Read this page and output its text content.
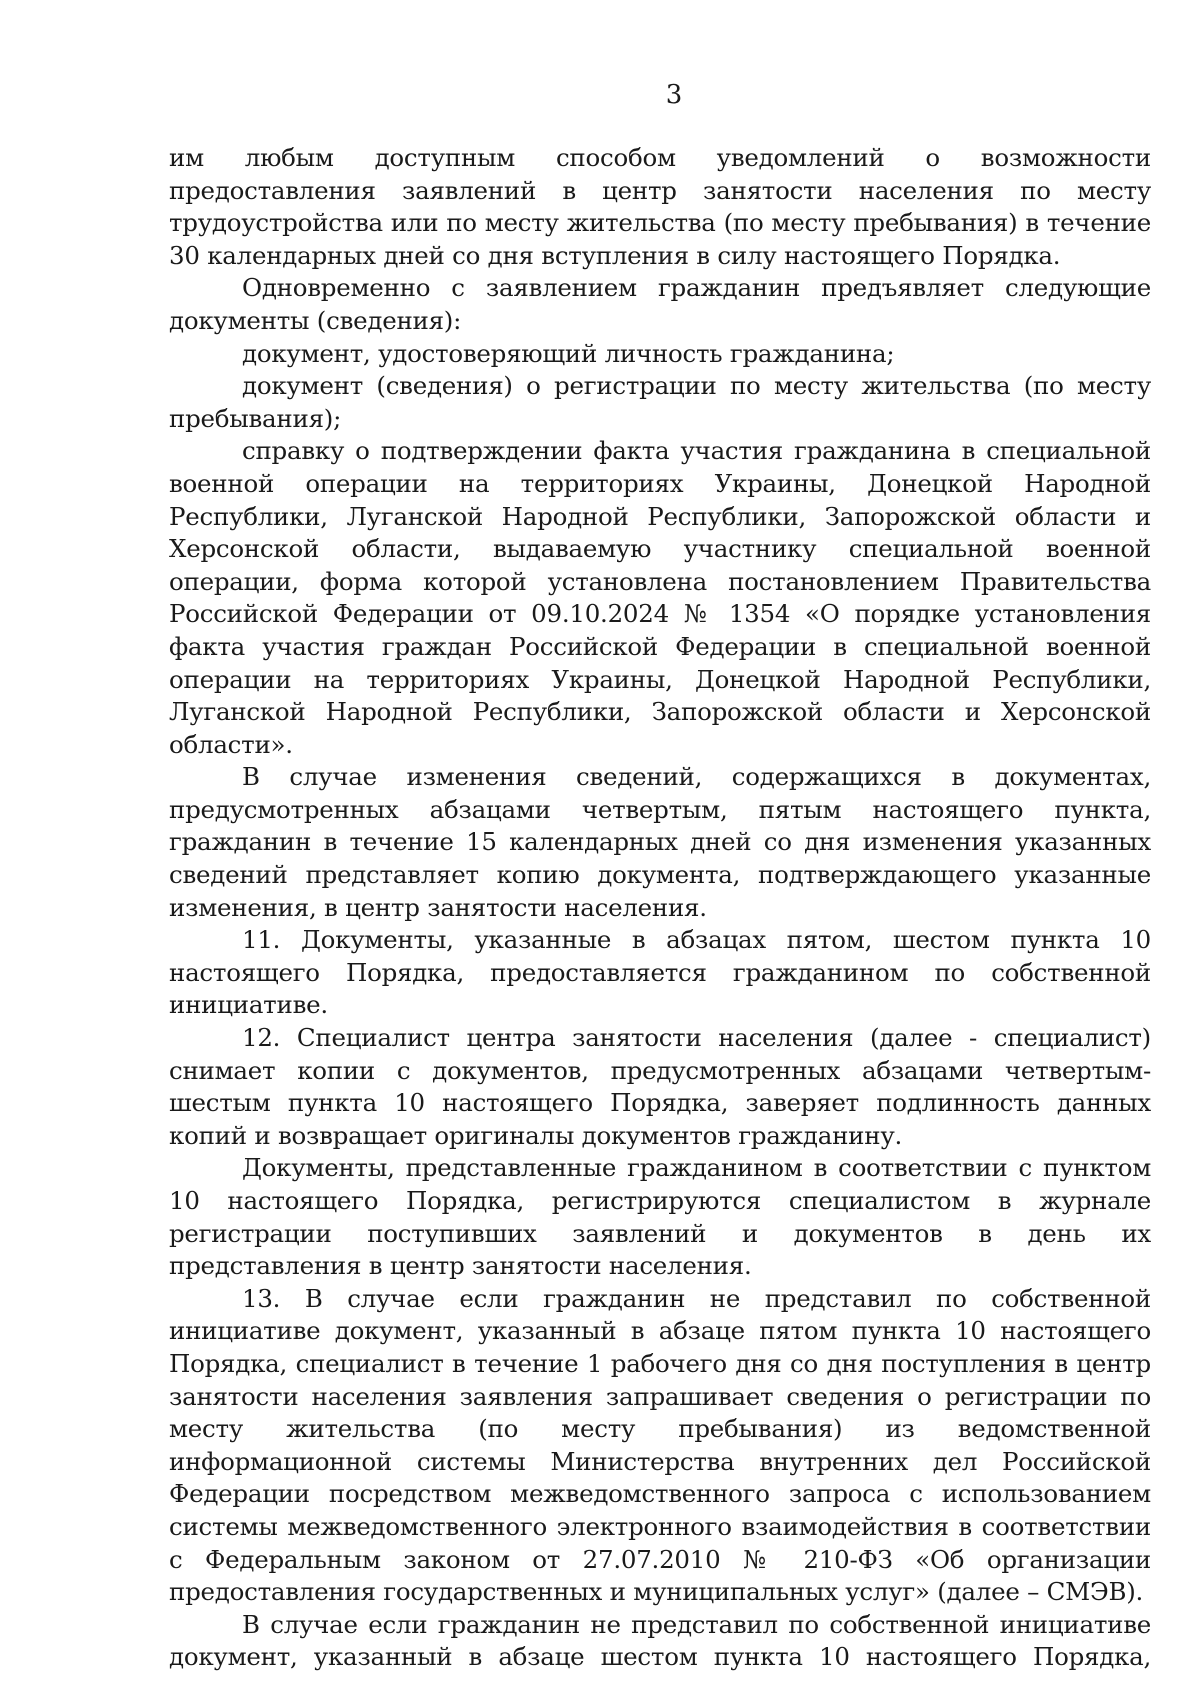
3

им любым доступным способом уведомлений о возможности предоставления заявлений в центр занятости населения по месту трудоустройства или по месту жительства (по месту пребывания) в течение 30 календарных дней со дня вступления в силу настоящего Порядка.

Одновременно с заявлением гражданин предъявляет следующие документы (сведения):

документ, удостоверяющий личность гражданина;

документ (сведения) о регистрации по месту жительства (по месту пребывания);

справку о подтверждении факта участия гражданина в специальной военной операции на территориях Украины, Донецкой Народной Республики, Луганской Народной Республики, Запорожской области и Херсонской области, выдаваемую участнику специальной военной операции, форма которой установлена постановлением Правительства Российской Федерации от 09.10.2024 № 1354 «О порядке установления факта участия граждан Российской Федерации в специальной военной операции на территориях Украины, Донецкой Народной Республики, Луганской Народной Республики, Запорожской области и Херсонской области».

В случае изменения сведений, содержащихся в документах, предусмотренных абзацами четвертым, пятым настоящего пункта, гражданин в течение 15 календарных дней со дня изменения указанных сведений представляет копию документа, подтверждающего указанные изменения, в центр занятости населения.

11. Документы, указанные в абзацах пятом, шестом пункта 10 настоящего Порядка, предоставляется гражданином по собственной инициативе.

12. Специалист центра занятости населения (далее - специалист) снимает копии с документов, предусмотренных абзацами четвертым-шестым пункта 10 настоящего Порядка, заверяет подлинность данных копий и возвращает оригиналы документов гражданину.

Документы, представленные гражданином в соответствии с пунктом 10 настоящего Порядка, регистрируются специалистом в журнале регистрации поступивших заявлений и документов в день их представления в центр занятости населения.

13. В случае если гражданин не представил по собственной инициативе документ, указанный в абзаце пятом пункта 10 настоящего Порядка, специалист в течение 1 рабочего дня со дня поступления в центр занятости населения заявления запрашивает сведения о регистрации по месту жительства (по месту пребывания) из ведомственной информационной системы Министерства внутренних дел Российской Федерации посредством межведомственного запроса с использованием системы межведомственного электронного взаимодействия в соответствии с Федеральным законом от 27.07.2010 № 210-ФЗ «Об организации предоставления государственных и муниципальных услуг» (далее – СМЭВ).

В случае если гражданин не представил по собственной инициативе документ, указанный в абзаце шестом пункта 10 настоящего Порядка,
